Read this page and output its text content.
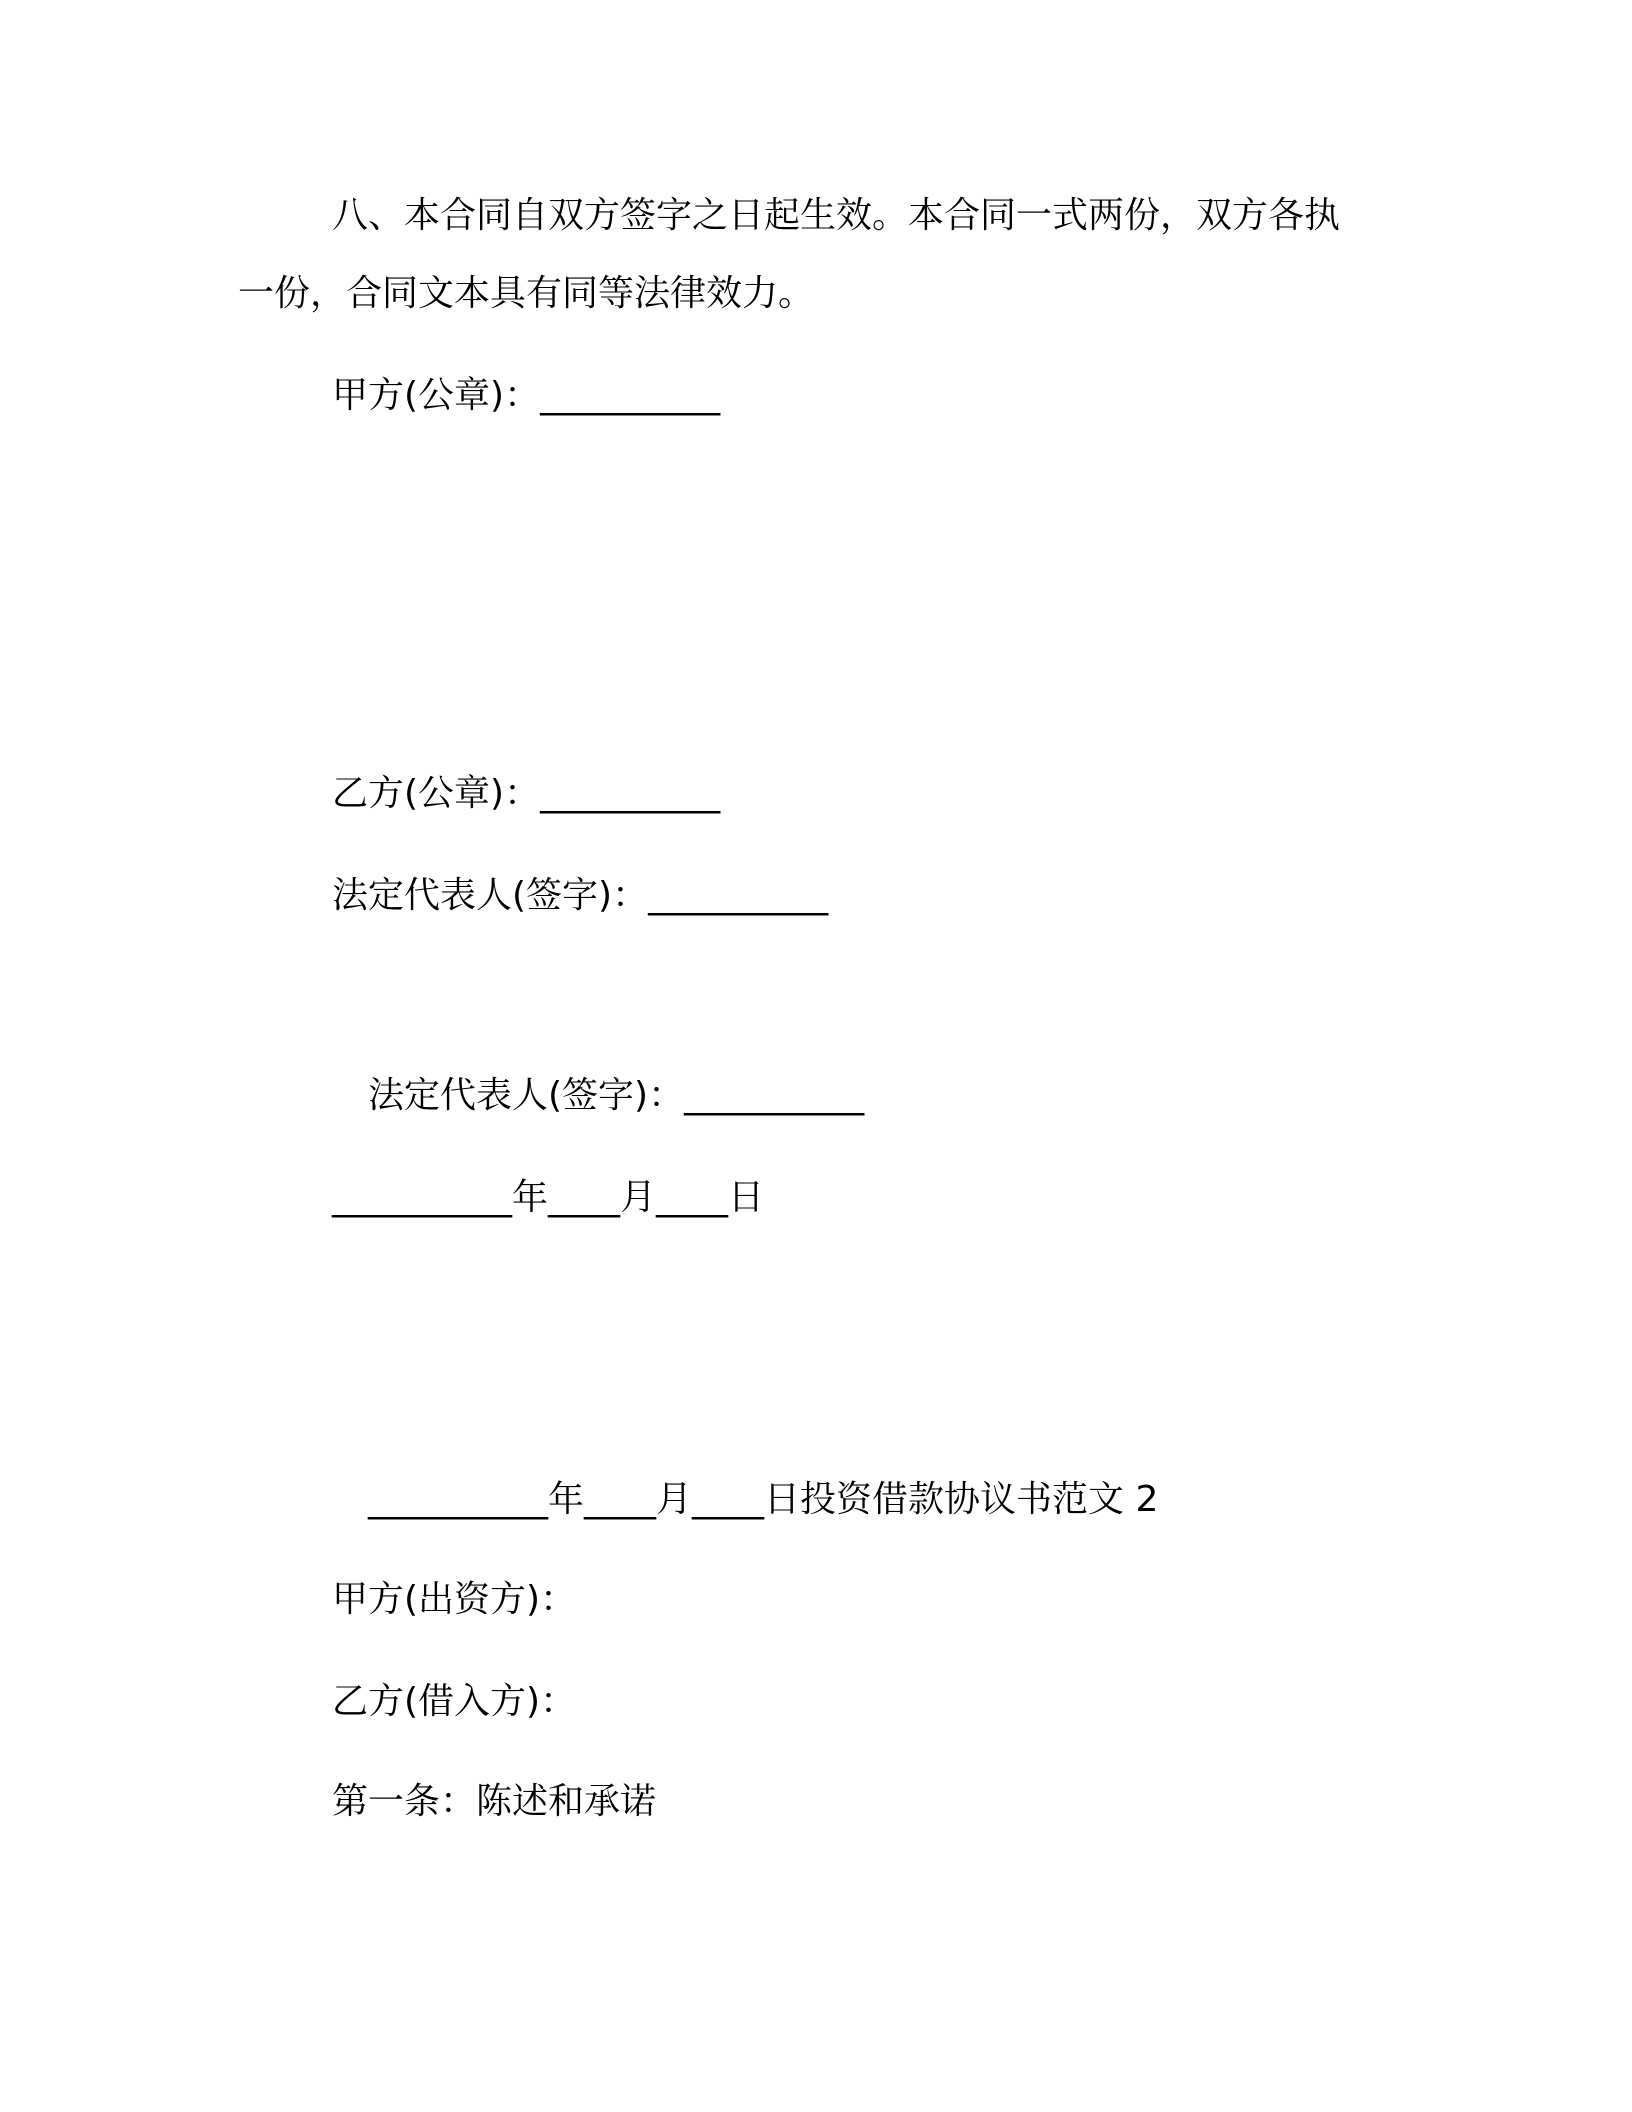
八、本合同自双方签字之日起生效。本合同一式两份，双方各执
一份，合同文本具有同等法律效力。
甲方(公章)：__________
乙方(公章)：__________
法定代表人(签字)：__________
法定代表人(签字)：__________
__________年____月____日
__________年____月____日投资借款协议书范文 2
甲方(出资方)：
乙方(借入方)：
第一条：陈述和承诺
